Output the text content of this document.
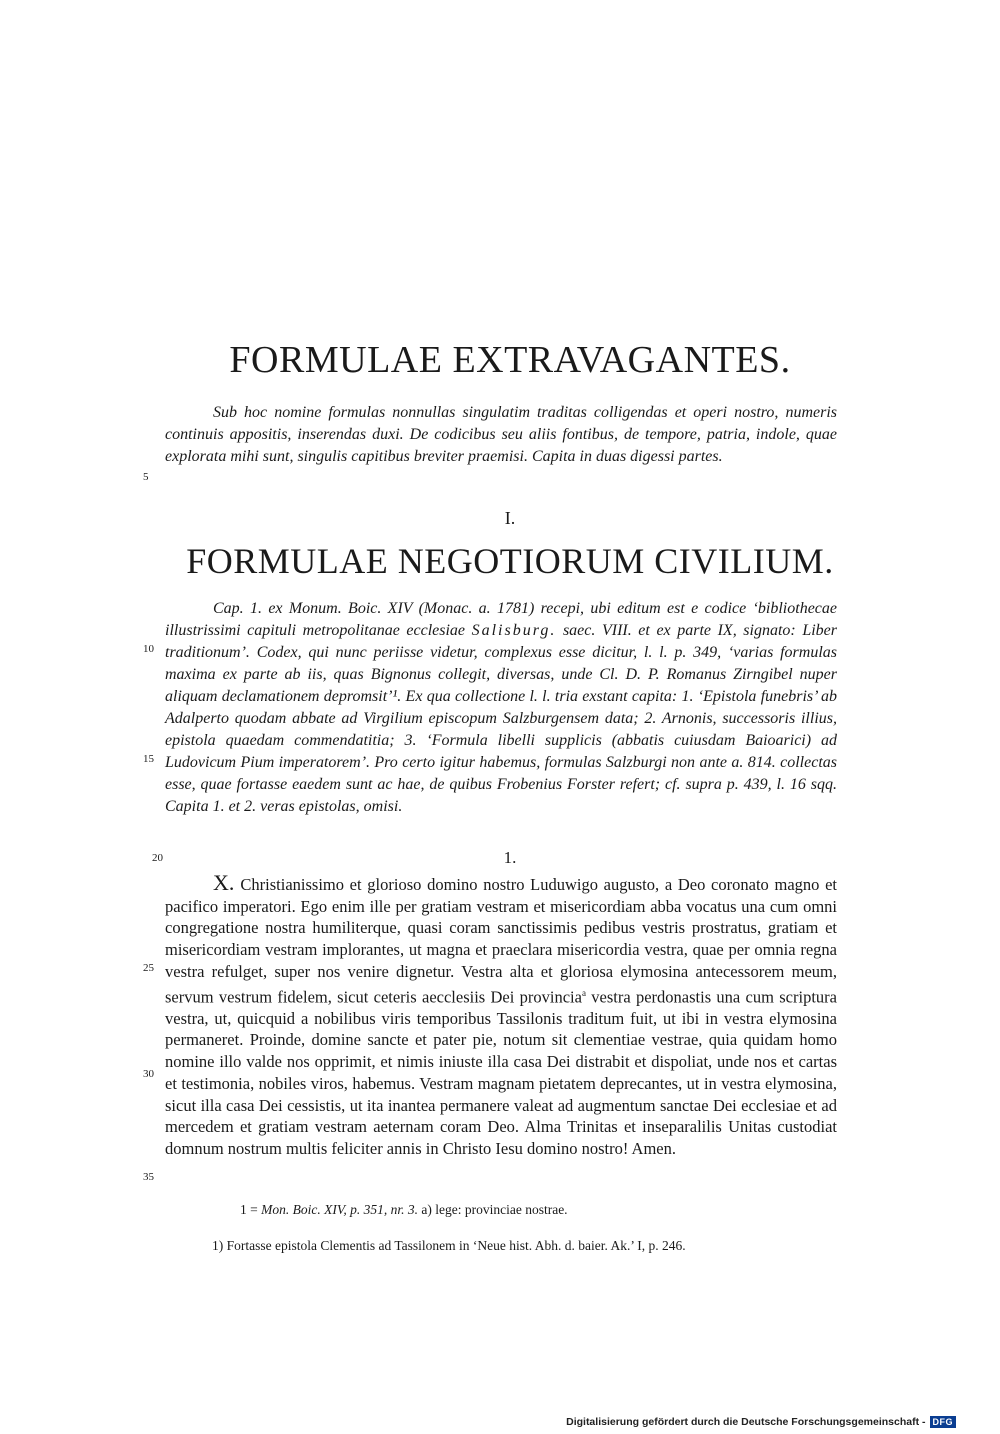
FORMULAE EXTRAVAGANTES.
Sub hoc nomine formulas nonnullas singulatim traditas colligendas et operi nostro, numeris continuis appositis, inserendas duxi. De codicibus seu aliis fontibus, de tempore, patria, indole, quae explorata mihi sunt, singulis capitibus breviter praemisi. Capita in duas digessi partes.
5
I.
FORMULAE NEGOTIORUM CIVILIUM.
Cap. 1. ex Monum. Boic. XIV (Monac. a. 1781) recepi, ubi editum est e codice ‘bibliothecae illustrissimi capituli metropolitanae ecclesiae Salisburg. saec. VIII. et ex parte IX, signato: Liber traditionum’. Codex, qui nunc periisse videtur, complexus esse dicitur, l. l. p. 349, ‘varias formulas maxima ex parte ab iis, quas Bignonus collegit, diversas, unde Cl. D. P. Romanus Zirngibel nuper aliquam declamationem depromsit’¹. Ex qua collectione l. l. tria exstant capita: 1. ‘Epistola funebris’ ab Adalperto quodam abbate ad Virgilium episcopum Salzburgensem data; 2. Arnonis, successoris illius, epistola quaedam commendatitia; 3. ‘Formula libelli supplicis (abbatis cuiusdam Baioarici) ad Ludovicum Pium imperatorem’. Pro certo igitur habemus, formulas Salzburgi non ante a. 814. collectas esse, quae fortasse eaedem sunt ac hae, de quibus Frobenius Forster refert; cf. supra p. 439, l. 16 sqq. Capita 1. et 2. veras epistolas, omisi.
10
15
20	1.
X. Christianissimo et glorioso domino nostro Luduwigo augusto, a Deo coronato magno et pacifico imperatori. Ego enim ille per gratiam vestram et misericordiam abba vocatus una cum omni congregatione nostra humiliterque, quasi coram sanctissimis pedibus vestris prostratus, gratiam et misericordiam vestram implorantes, ut magna et praeclara misericordia vestra, quae per omnia regna vestra refulget, super nos venire dignetur. Vestra alta et gloriosa elymosina antecessorem meum, servum vestrum fidelem, sicut ceteris aecclesiis Dei provincia$^a$ vestra perdonastis una cum scriptura vestra, ut, quicquid a nobilibus viris temporibus Tassilonis traditum fuit, ut ibi in vestra elymosina permaneret. Proinde, domine sancte et pater pie, notum sit clementiae vestrae, quia quidam homo nomine illo valde nos opprimit, et nimis iniuste illa casa Dei distrabit et dispoliat, unde nos et cartas et testimonia, nobiles viros, habemus. Vestram magnam pietatem deprecantes, ut in vestra elymosina, sicut illa casa Dei cessistis, ut ita inantea permanere valeat ad augmentum sanctae Dei ecclesiae et ad mercedem et gratiam vestram aeternam coram Deo. Alma Trinitas et inseparalilis Unitas custodiat domnum nostrum multis feliciter annis in Christo Iesu domino nostro! Amen.
25
30
35
1 = Mon. Boic. XIV, p. 351, nr. 3. a) lege: provinciae nostrae.
1) Fortasse epistola Clementis ad Tassilonem in ‘Neue hist. Abh. d. baier. Ak.’ I, p. 246.
Digitalisierung gefördert durch die Deutsche Forschungsgemeinschaft - DFG
